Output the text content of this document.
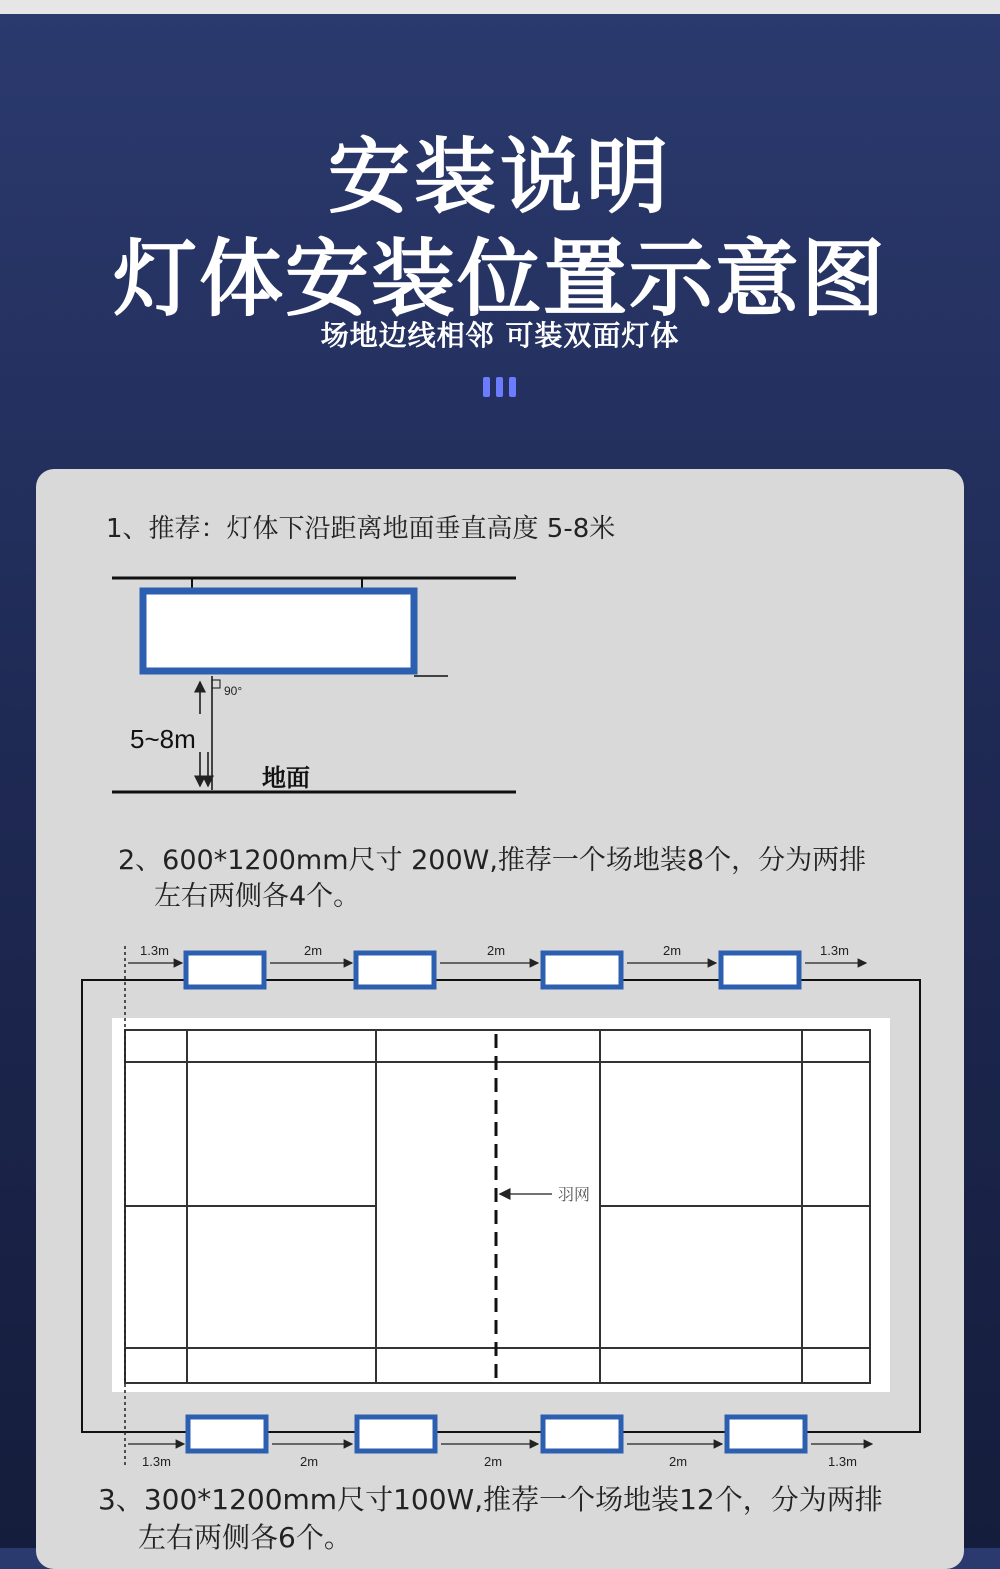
安装说明
灯体安装位置示意图
场地边线相邻 可装双面灯体
1、推荐：灯体下沿距离地面垂直高度 5-8米
2、600*1200mm尺寸 200W,推荐一个场地装8个，分为两排
左右两侧各4个。
3、300*1200mm尺寸100W,推荐一个场地装12个，分为两排
左右两侧各6个。
90°
5~8m
地面
羽网
1.3m	2m	2m	2m	1.3m
1.3m	2m	2m	2m	1.3m
